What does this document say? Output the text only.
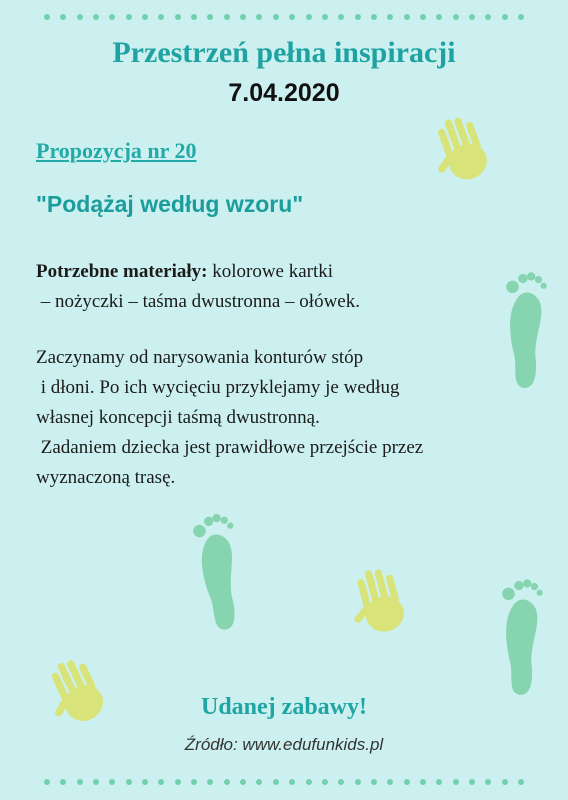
Przestrzeń pełna inspiracji
7.04.2020
Propozycja nr 20
"Podążaj według wzoru"
Potrzebne materiały: kolorowe kartki
– nożyczki – taśma dwustronna – ołówek.
Zaczynamy od narysowania konturów stóp
i dłoni. Po ich wycięciu przyklejamy je według
własnej koncepcji taśmą dwustronną.
Zadaniem dziecka jest prawidłowe przejście przez
wyznaczoną trasę.
Udanej zabawy!
Źródło: www.edufunkids.pl
